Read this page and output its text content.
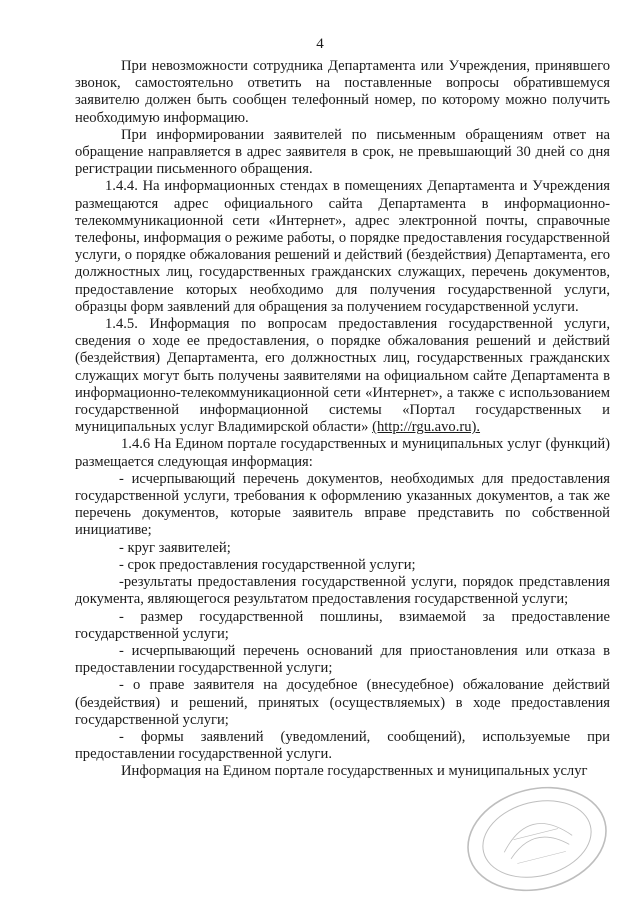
4

При невозможности сотрудника Департамента или Учреждения, принявшего звонок, самостоятельно ответить на поставленные вопросы обратившемуся заявителю должен быть сообщен телефонный номер, по которому можно получить необходимую информацию.

При информировании заявителей по письменным обращениям ответ на обращение направляется в адрес заявителя в срок, не превышающий 30 дней со дня регистрации письменного обращения.

1.4.4. На информационных стендах в помещениях Департамента и Учреждения размещаются адрес официального сайта Департамента в информационно-телекоммуникационной сети «Интернет», адрес электронной почты, справочные телефоны, информация о режиме работы, о порядке предоставления государственной услуги, о порядке обжалования решений и действий (бездействия) Департамента, его должностных лиц, государственных гражданских служащих, перечень документов, предоставление которых необходимо для получения государственной услуги, образцы форм заявлений для обращения за получением государственной услуги.

1.4.5. Информация по вопросам предоставления государственной услуги, сведения о ходе ее предоставления, о порядке обжалования решений и действий (бездействия) Департамента, его должностных лиц, государственных гражданских служащих могут быть получены заявителями на официальном сайте Департамента в информационно-телекоммуникационной сети «Интернет», а также с использованием государственной информационной системы «Портал государственных и муниципальных услуг Владимирской области» (http://rgu.avo.ru).

1.4.6 На Едином портале государственных и муниципальных услуг (функций) размещается следующая информация:

- исчерпывающий перечень документов, необходимых для предоставления государственной услуги, требования к оформлению указанных документов, а так же перечень документов, которые заявитель вправе представить по собственной инициативе;

- круг заявителей;

- срок предоставления государственной услуги;

-результаты предоставления государственной услуги, порядок представления документа, являющегося результатом предоставления государственной услуги;

- размер государственной пошлины, взимаемой за предоставление государственной услуги;

- исчерпывающий перечень оснований для приостановления или отказа в предоставлении государственной услуги;

- о праве заявителя на досудебное (внесудебное) обжалование действий (бездействия) и решений, принятых (осуществляемых) в ходе предоставления государственной услуги;

- формы заявлений (уведомлений, сообщений), используемые при предоставлении государственной услуги.

Информация на Едином портале государственных и муниципальных услуг
